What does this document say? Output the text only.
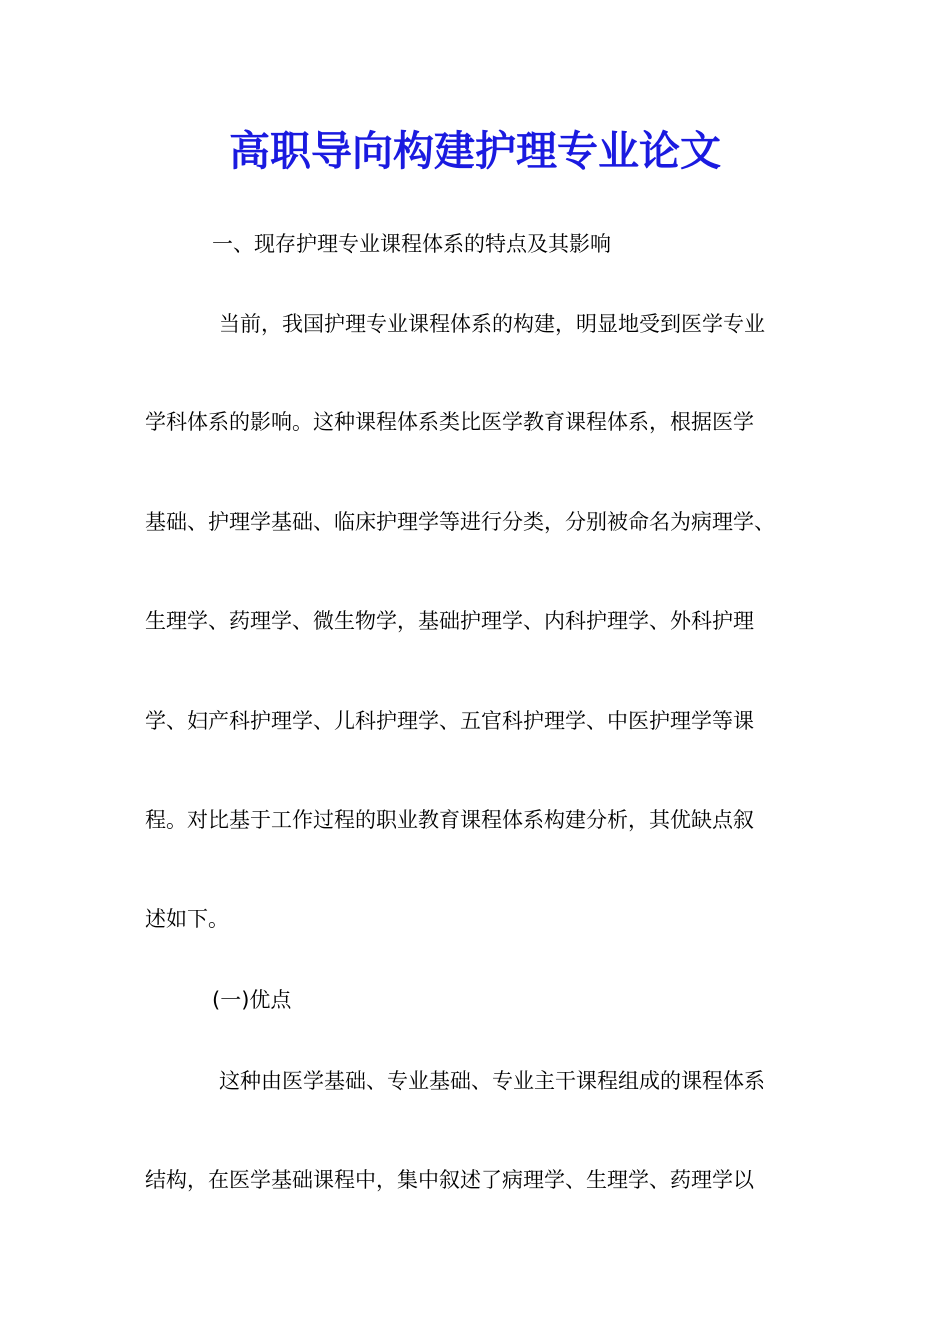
高职导向构建护理专业论文
一、现存护理专业课程体系的特点及其影响
当前，我国护理专业课程体系的构建，明显地受到医学专业
学科体系的影响。这种课程体系类比医学教育课程体系，根据医学
基础、护理学基础、临床护理学等进行分类，分别被命名为病理学、
生理学、药理学、微生物学，基础护理学、内科护理学、外科护理
学、妇产科护理学、儿科护理学、五官科护理学、中医护理学等课
程。对比基于工作过程的职业教育课程体系构建分析，其优缺点叙
述如下。
(一)优点
这种由医学基础、专业基础、专业主干课程组成的课程体系
结构，在医学基础课程中，集中叙述了病理学、生理学、药理学以
